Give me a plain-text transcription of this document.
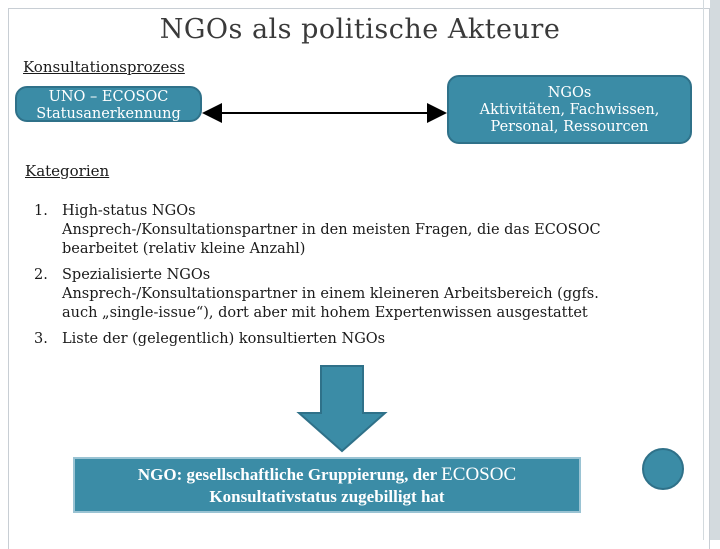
NGOs als politische Akteure
Konsultationsprozess
UNO – ECOSOC
Statusanerkennung
NGOs
Aktivitäten, Fachwissen,
Personal, Ressourcen
Kategorien
1. High-status NGOs
Ansprech-/Konsultationspartner in den meisten Fragen, die das ECOSOC
bearbeitet (relativ kleine Anzahl)
2. Spezialisierte NGOs
Ansprech-/Konsultationspartner in einem kleineren Arbeitsbereich (ggfs.
auch „single-issue“), dort aber mit hohem Expertenwissen ausgestattet
3. Liste der (gelegentlich) konsultierten NGOs
NGO: gesellschaftliche Gruppierung, der ECOSOC
Konsultativstatus zugebilligt hat
